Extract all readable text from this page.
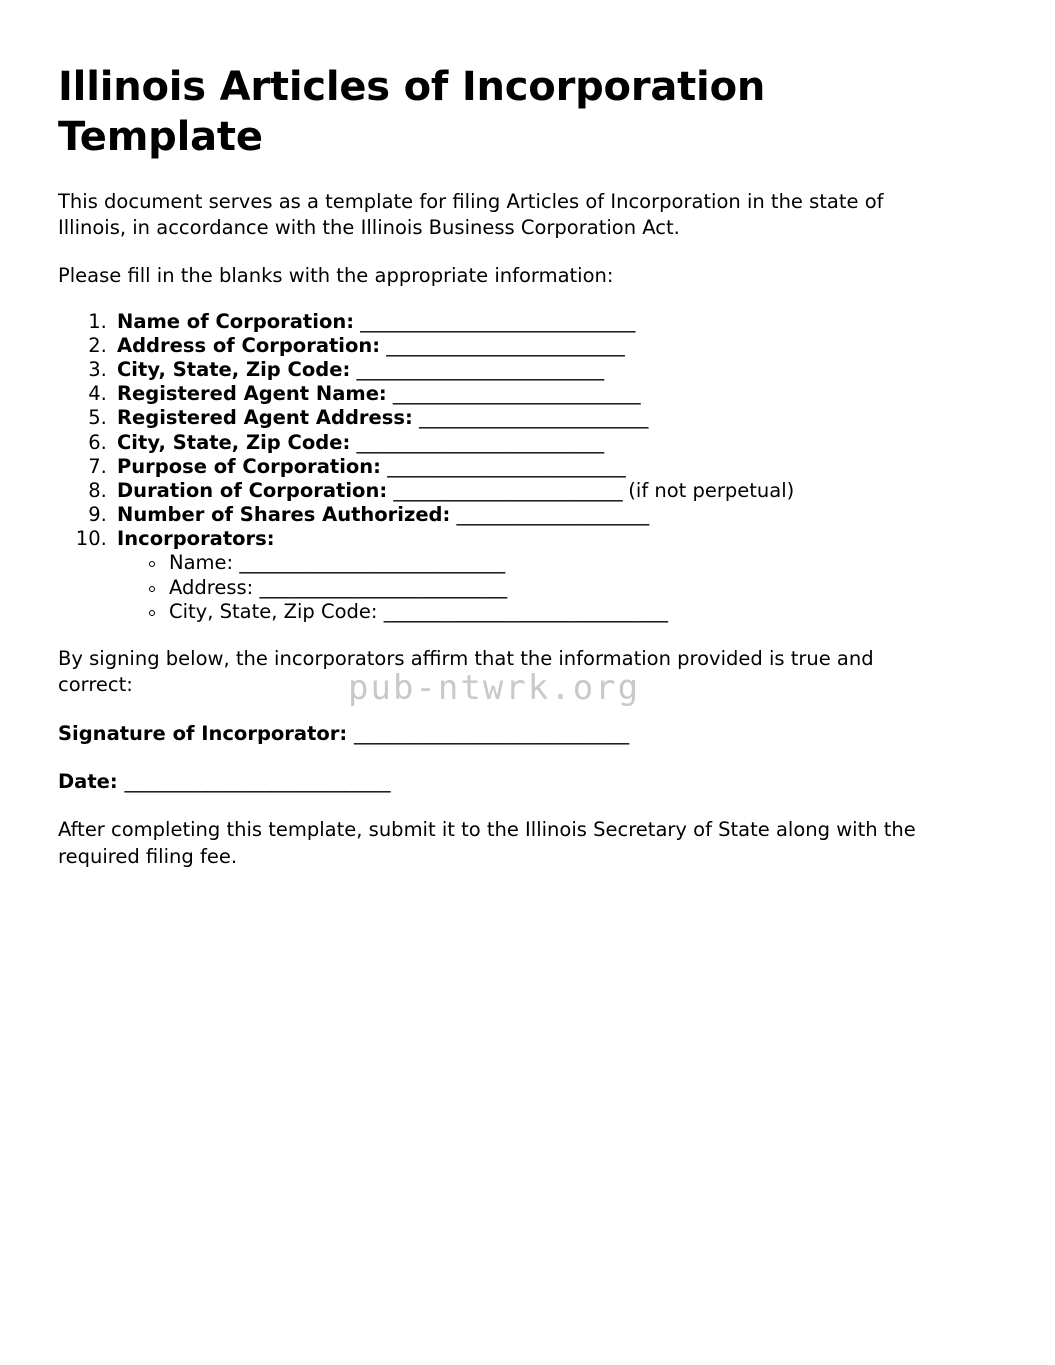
Illinois Articles of Incorporation Template

This document serves as a template for filing Articles of Incorporation in the state of Illinois, in accordance with the Illinois Business Corporation Act.

Please fill in the blanks with the appropriate information:

1. Name of Corporation: ______________________________
2. Address of Corporation: __________________________
3. City, State, Zip Code: ___________________________
4. Registered Agent Name: ___________________________
5. Registered Agent Address: _________________________
6. City, State, Zip Code: ___________________________
7. Purpose of Corporation: __________________________
8. Duration of Corporation: _________________________ (if not perpetual)
9. Number of Shares Authorized: _____________________
10. Incorporators:
Name: _____________________________
Address: ___________________________
City, State, Zip Code: _______________________________

By signing below, the incorporators affirm that the information provided is true and correct:

Signature of Incorporator: ______________________________

Date: _____________________________

After completing this template, submit it to the Illinois Secretary of State along with the required filing fee.

pub-ntwrk.org
